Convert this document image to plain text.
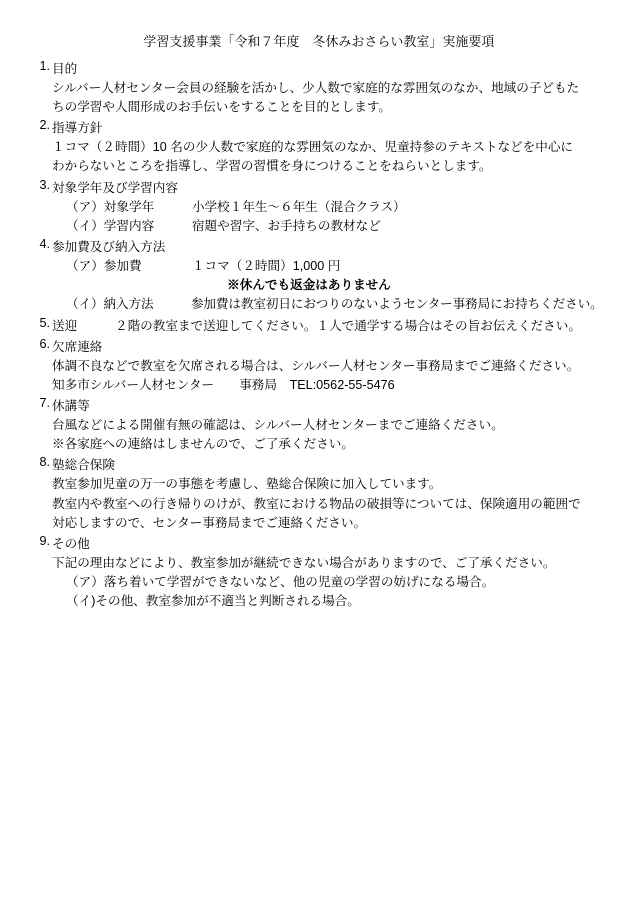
学習支援事業「令和７年度　冬休みおさらい教室」実施要項
1. 目的
シルバー人材センター会員の経験を活かし、少人数で家庭的な雰囲気のなか、地域の子どもた
ちの学習や人間形成のお手伝いをすることを目的とします。
2. 指導方針
１コマ（２時間）10 名の少人数で家庭的な雰囲気のなか、児童持参のテキストなどを中心に
わからないところを指導し、学習の習慣を身につけることをねらいとします。
3. 対象学年及び学習内容
（ア）対象学年　　　小学校１年生～６年生（混合クラス）
（イ）学習内容　　　宿題や習字、お手持ちの教材など
4. 参加費及び納入方法
（ア）参加費　　　　１コマ（２時間）1,000 円
※休んでも返金はありません
（イ）納入方法　　　参加費は教室初日におつりのないようセンター事務局にお持ちください。
5. 送迎　　　２階の教室まで送迎してください。１人で通学する場合はその旨お伝えください。
6. 欠席連絡
体調不良などで教室を欠席される場合は、シルバー人材センター事務局までご連絡ください。
知多市シルバー人材センター　　事務局　TEL:0562-55-5476
7. 休講等
台風などによる開催有無の確認は、シルバー人材センターまでご連絡ください。
※各家庭への連絡はしませんので、ご了承ください。
8. 塾総合保険
教室参加児童の万一の事態を考慮し、塾総合保険に加入しています。
教室内や教室への行き帰りのけが、教室における物品の破損等については、保険適用の範囲で
対応しますので、センター事務局までご連絡ください。
9. その他
下記の理由などにより、教室参加が継続できない場合がありますので、ご了承ください。
（ア）落ち着いて学習ができないなど、他の児童の学習の妨げになる場合。
（イ)その他、教室参加が不適当と判断される場合。
